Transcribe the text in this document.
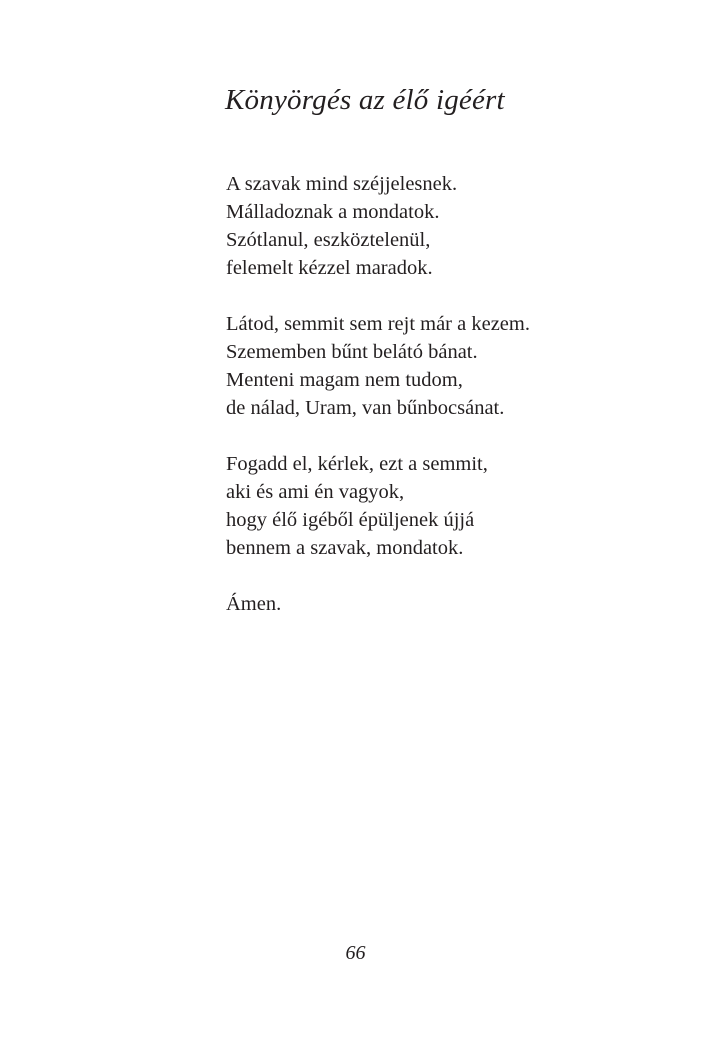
Könyörgés az élő igéért
A szavak mind széjjelesnek.
Málladoznak a mondatok.
Szótlanul, eszköztelenül,
felemelt kézzel maradok.
Látod, semmit sem rejt már a kezem.
Szememben bűnt belátó bánat.
Menteni magam nem tudom,
de nálad, Uram, van bűnbocsánat.
Fogadd el, kérlek, ezt a semmit,
aki és ami én vagyok,
hogy élő igéből épüljenek újjá
bennem a szavak, mondatok.
Ámen.
66
